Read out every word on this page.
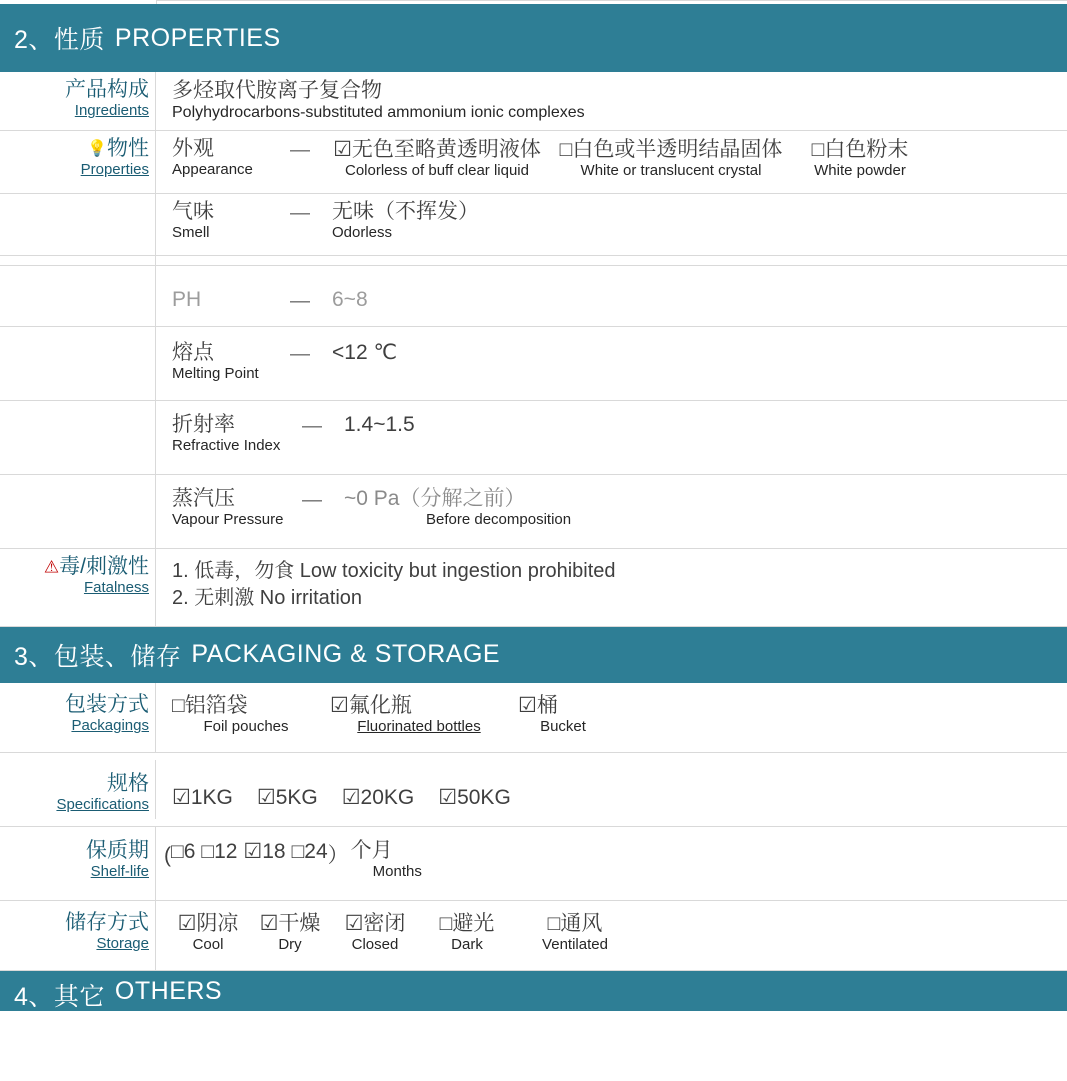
2、 性质 PROPERTIES
产品构成
Ingredients
多烃取代胺离子复合物
Polyhydrocarbons-substituted ammonium ionic complexes
💡物性
Properties
外观
Appearance
— ☑无色至略黄透明液体
Colorless of buff clear liquid
□白色或半透明结晶固体
White or translucent crystal
□白色粉末
White powder
气味
Smell
— 无味（不挥发）
Odorless
PH	— 6~8
熔点
Melting Point
— <12 ℃
折射率
Refractive Index
— 1.4~1.5
蒸汽压
Vapour Pressure
— ~0 Pa（分解之前）
Before decomposition
⚠毒/刺激性
Fatalness
1. 低毒，勿食 Low toxicity but ingestion prohibited
2. 无刺激 No irritation
3、 包装、储存 PACKAGING & STORAGE
包装方式
Packagings
□铝箔袋
Foil pouches
☑氟化瓶
Fluorinated bottles
☑桶
Bucket
规格
Specifications ☑1KG ☑5KG ☑20KG ☑50KG
保质期
Shelf-life
( □6 □12 ☑18 □24 ） 个月
Months
储存方式
Storage
☑阴凉
Cool
☑干燥
Dry
☑密闭
Closed
□避光
Dark
□通风
Ventilated
4、 其它 OTHERS
